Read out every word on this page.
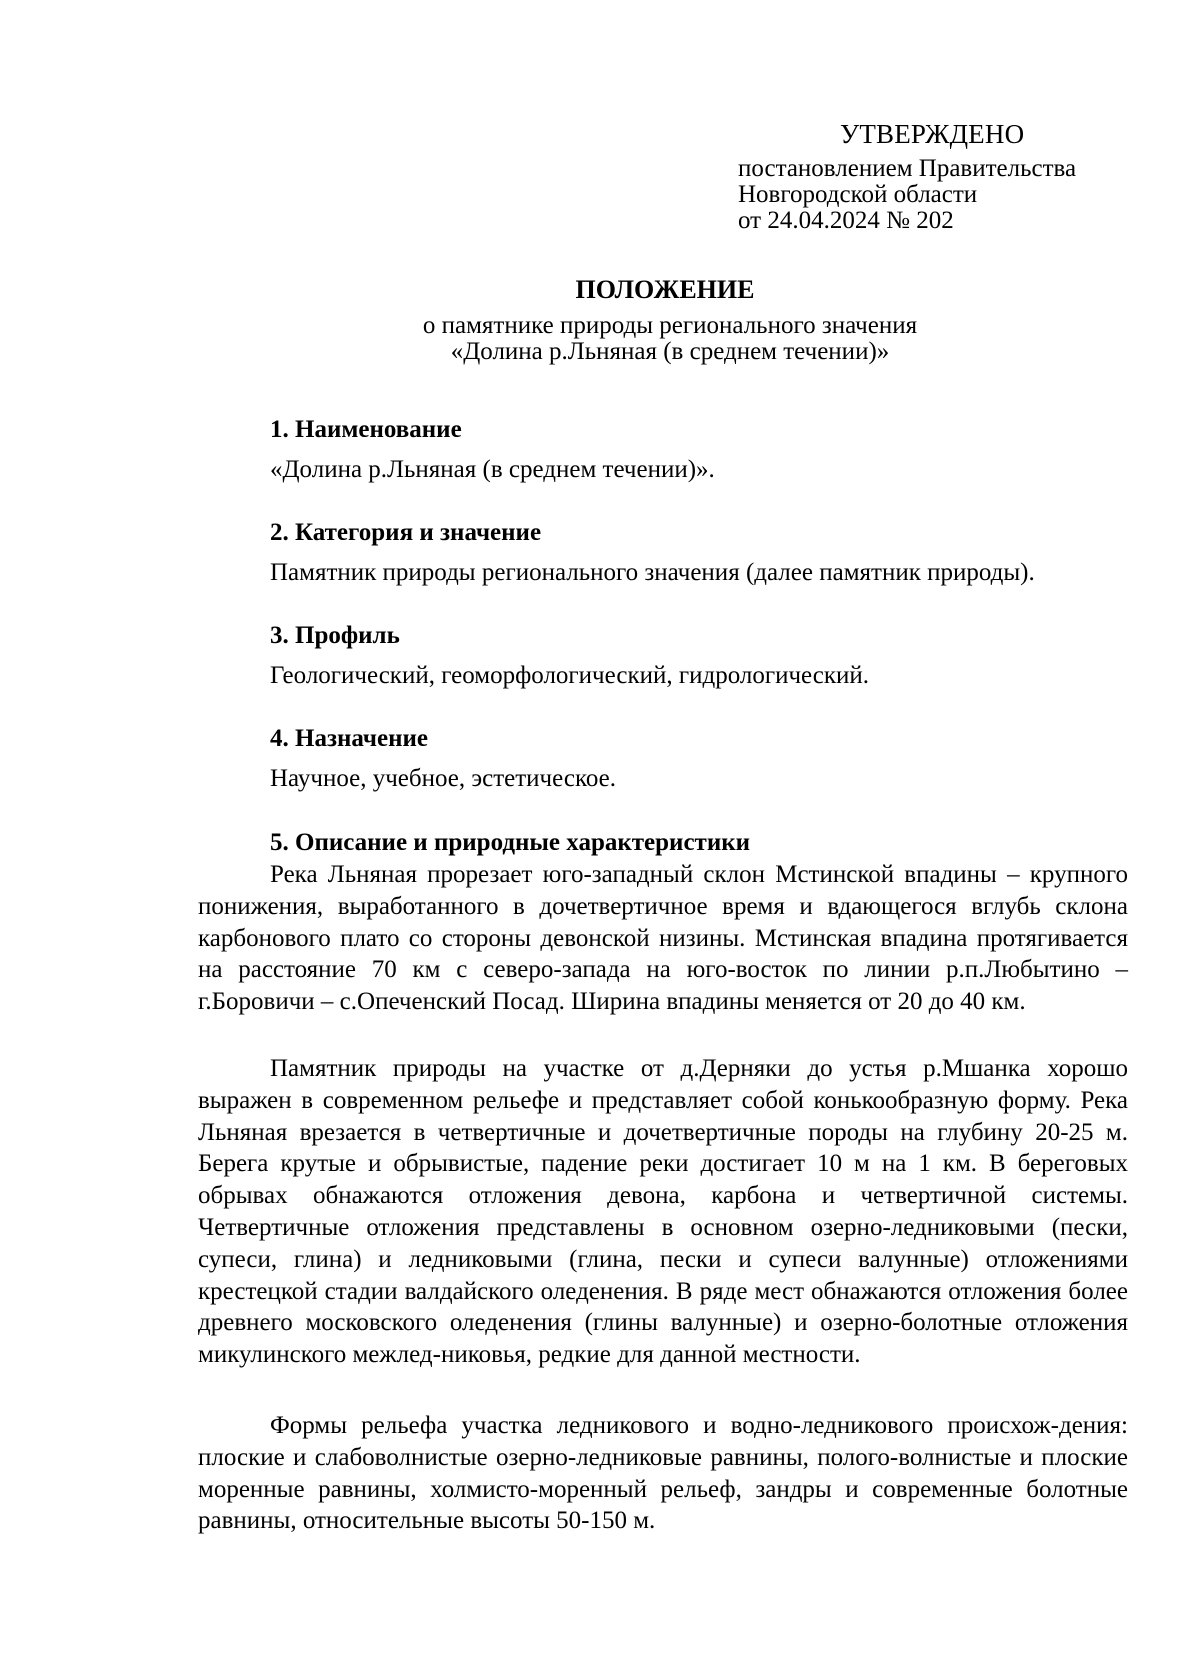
УТВЕРЖДЕНО
постановлением Правительства
Новгородской области
от 24.04.2024 № 202
ПОЛОЖЕНИЕ
о памятнике природы регионального значения
«Долина р.Льняная (в среднем течении)»
1. Наименование
«Долина р.Льняная (в среднем течении)».
2. Категория и значение
Памятник природы регионального значения (далее памятник природы).
3. Профиль
Геологический, геоморфологический, гидрологический.
4. Назначение
Научное, учебное, эстетическое.
5. Описание и природные характеристики

Река Льняная прорезает юго-западный склон Мстинской впадины – крупного понижения, выработанного в дочетвертичное время и вдающегося вглубь склона карбонового плато со стороны девонской низины. Мстинская впадина протягивается на расстояние 70 км с северо-запада на юго-восток по линии р.п.Любытино – г.Боровичи – с.Опеченский Посад. Ширина впадины меняется от 20 до 40 км.

Памятник природы на участке от д.Дерняки до устья р.Мшанка хорошо выражен в современном рельефе и представляет собой конькообразную форму. Река Льняная врезается в четвертичные и дочетвертичные породы на глубину 20-25 м. Берега крутые и обрывистые, падение реки достигает 10 м на 1 км. В береговых обрывах обнажаются отложения девона, карбона и четвертичной системы. Четвертичные отложения представлены в основном озерно-ледниковыми (пески, супеси, глина) и ледниковыми (глина, пески и супеси валунные) отложениями крестецкой стадии валдайского оледенения. В ряде мест обнажаются отложения более древнего московского оледенения (глины валунные) и озерно-болотные отложения микулинского межлед-никовья, редкие для данной местности.

Формы рельефа участка ледникового и водно-ледникового происхож-дения: плоские и слабоволнистые озерно-ледниковые равнины, полого-волнистые и плоские моренные равнины, холмисто-моренный рельеф, зандры и современные болотные равнины, относительные высоты 50-150 м.
